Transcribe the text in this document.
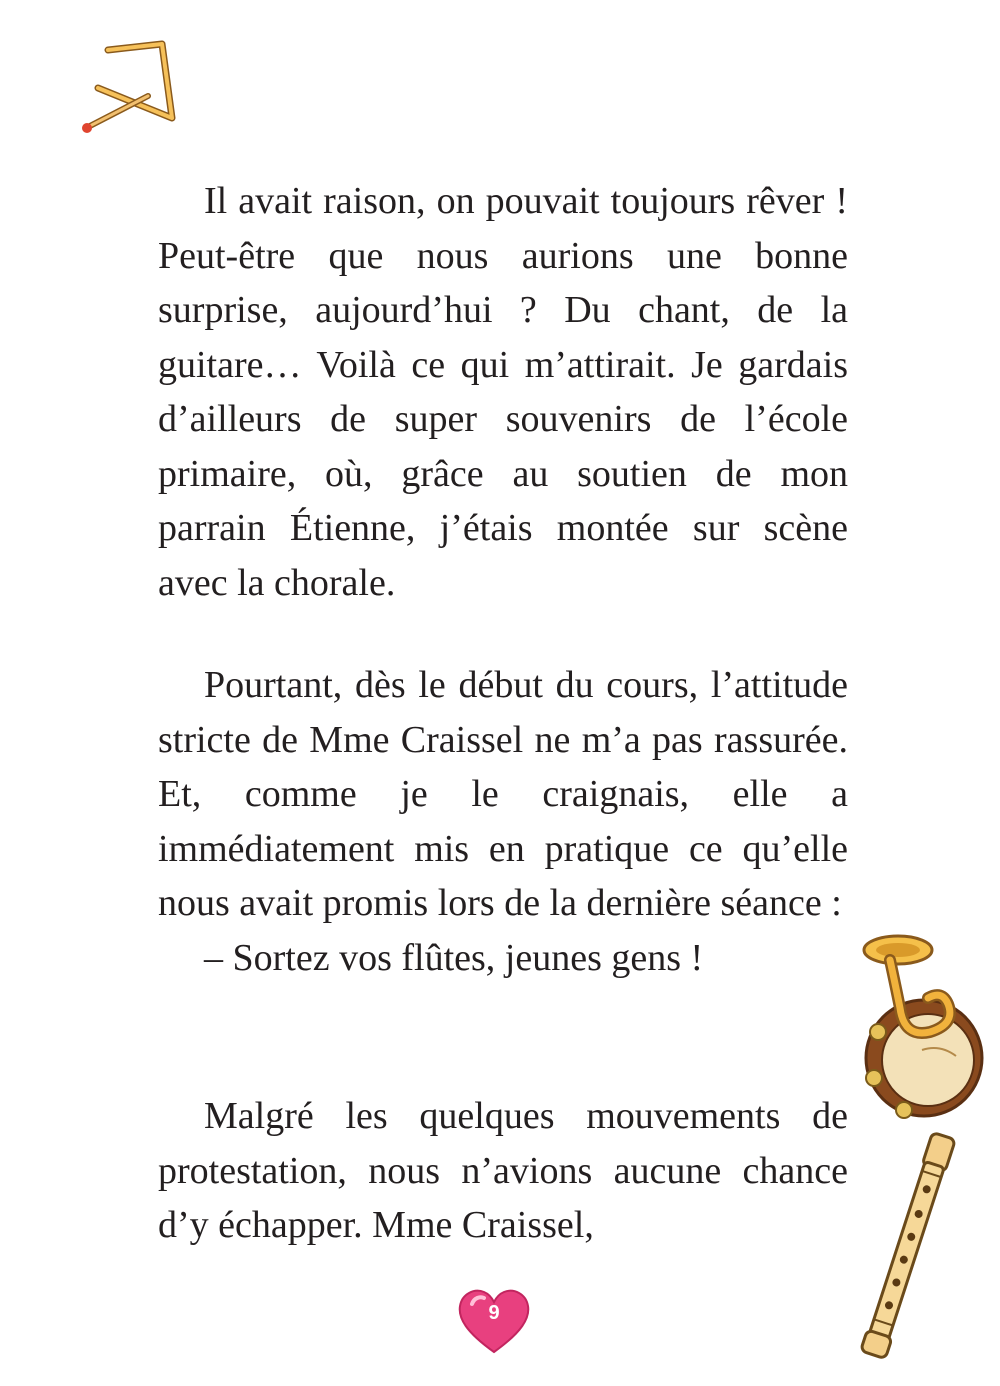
Il avait raison, on pouvait toujours rêver ! Peut-être que nous aurions une bonne surprise, aujourd’hui ? Du chant, de la guitare… Voilà ce qui m’attirait. Je gardais d’ailleurs de super souvenirs de l’école primaire, où, grâce au soutien de mon parrain Étienne, j’étais montée sur scène avec la chorale.

Pourtant, dès le début du cours, l’attitude stricte de Mme Craissel ne m’a pas rassurée. Et, comme je le craignais, elle a immédiatement mis en pratique ce qu’elle nous avait promis lors de la dernière séance :

– Sortez vos flûtes, jeunes gens !

Malgré les quelques mouvements de protestation, nous n’avions aucune chance d’y échapper. Mme Craissel,

9
